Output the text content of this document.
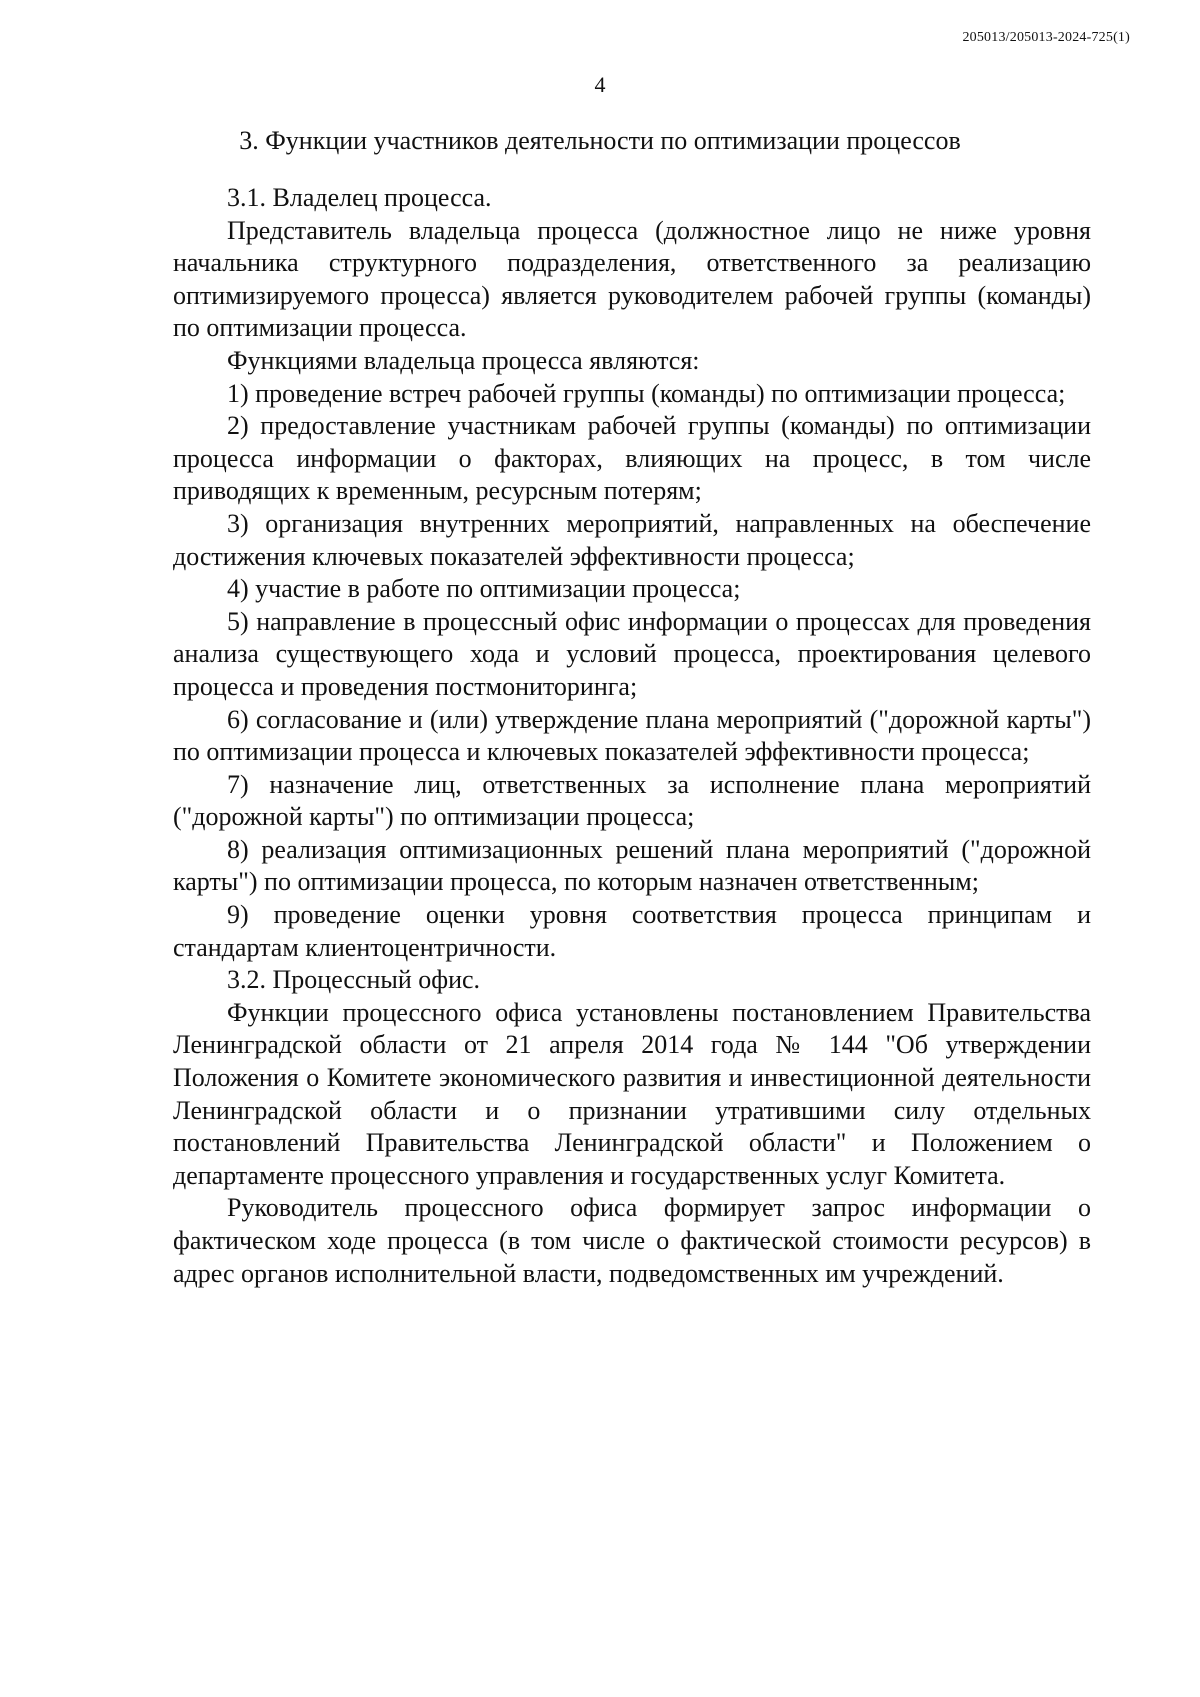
205013/205013-2024-725(1)
4
3. Функции участников деятельности по оптимизации процессов

3.1. Владелец процесса.

Представитель владельца процесса (должностное лицо не ниже уровня начальника структурного подразделения, ответственного за реализацию оптимизируемого процесса) является руководителем рабочей группы (команды) по оптимизации процесса.

Функциями владельца процесса являются:

1) проведение встреч рабочей группы (команды) по оптимизации процесса;

2) предоставление участникам рабочей группы (команды) по оптимизации процесса информации о факторах, влияющих на процесс, в том числе приводящих к временным, ресурсным потерям;

3) организация внутренних мероприятий, направленных на обеспечение достижения ключевых показателей эффективности процесса;

4) участие в работе по оптимизации процесса;

5) направление в процессный офис информации о процессах для проведения анализа существующего хода и условий процесса, проектирования целевого процесса и проведения постмониторинга;

6) согласование и (или) утверждение плана мероприятий ("дорожной карты") по оптимизации процесса и ключевых показателей эффективности процесса;

7) назначение лиц, ответственных за исполнение плана мероприятий ("дорожной карты") по оптимизации процесса;

8) реализация оптимизационных решений плана мероприятий ("дорожной карты") по оптимизации процесса, по которым назначен ответственным;

9) проведение оценки уровня соответствия процесса принципам и стандартам клиентоцентричности.

3.2. Процессный офис.

Функции процессного офиса установлены постановлением Правительства Ленинградской области от 21 апреля 2014 года № 144 "Об утверждении Положения о Комитете экономического развития и инвестиционной деятельности Ленинградской области и о признании утратившими силу отдельных постановлений Правительства Ленинградской области" и Положением о департаменте процессного управления и государственных услуг Комитета.

Руководитель процессного офиса формирует запрос информации о фактическом ходе процесса (в том числе о фактической стоимости ресурсов) в адрес органов исполнительной власти, подведомственных им учреждений.
